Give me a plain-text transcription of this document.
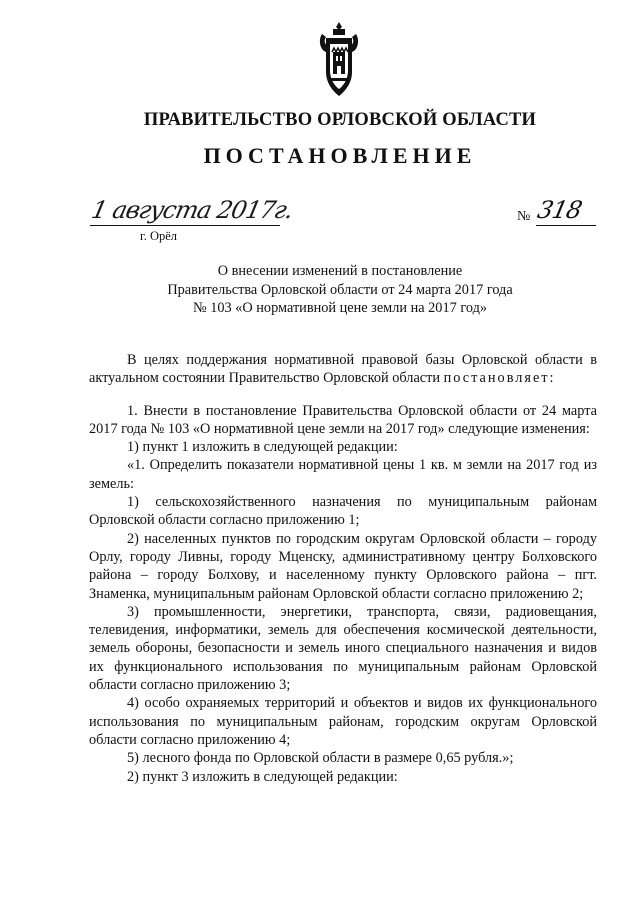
ПРАВИТЕЛЬСТВО ОРЛОВСКОЙ ОБЛАСТИ
ПОСТАНОВЛЕНИЕ
1 августа 2017г.
г. Орёл
№ 318
О внесении изменений в постановление
Правительства Орловской области от 24 марта 2017 года
№ 103 «О нормативной цене земли на 2017 год»

В целях поддержания нормативной правовой базы Орловской области в актуальном состоянии Правительство Орловской области постановляет:

1. Внести в постановление Правительства Орловской области от 24 марта 2017 года № 103 «О нормативной цене земли на 2017 год» следующие изменения:

1) пункт 1 изложить в следующей редакции:

«1. Определить показатели нормативной цены 1 кв. м земли на 2017 год из земель:

1) сельскохозяйственного назначения по муниципальным районам Орловской области согласно приложению 1;

2) населенных пунктов по городским округам Орловской области – городу Орлу, городу Ливны, городу Мценску, административному центру Болховского района – городу Болхову, и населенному пункту Орловского района – пгт. Знаменка, муниципальным районам Орловской области согласно приложению 2;

3) промышленности, энергетики, транспорта, связи, радиовещания, телевидения, информатики, земель для обеспечения космической деятельности, земель обороны, безопасности и земель иного специального назначения и видов их функционального использования по муниципальным районам Орловской области согласно приложению 3;

4) особо охраняемых территорий и объектов и видов их функционального использования по муниципальным районам, городским округам Орловской области согласно приложению 4;

5) лесного фонда по Орловской области в размере 0,65 рубля.»;

2) пункт 3 изложить в следующей редакции:
